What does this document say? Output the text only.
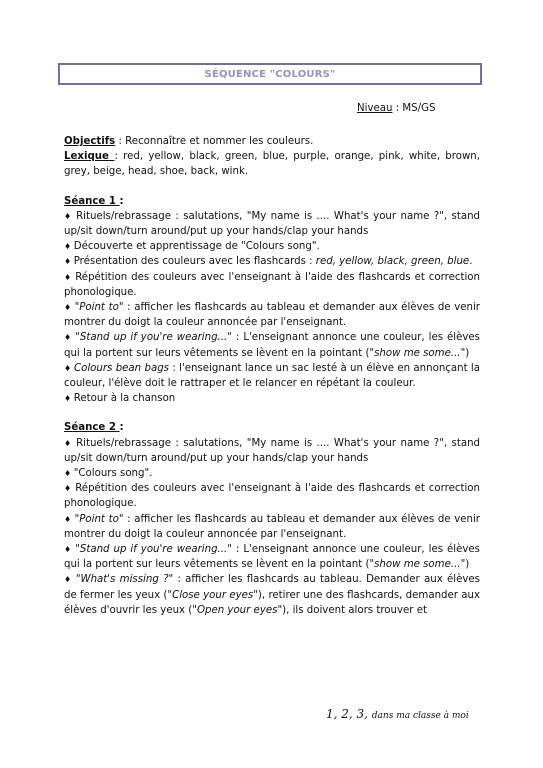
SÉQUENCE "COLOURS"
Niveau : MS/GS

Objectifs : Reconnaître et nommer les couleurs.

Lexique : red, yellow, black, green, blue, purple, orange, pink, white, brown, grey, beige, head, shoe, back, wink.

Séance 1 :

♦ Rituels/rebrassage : salutations, "My name is .... What's your name ?", stand up/sit down/turn around/put up your hands/clap your hands

♦ Découverte et apprentissage de "Colours song".

♦ Présentation des couleurs avec les flashcards : red, yellow, black, green, blue.

♦ Répétition des couleurs avec l'enseignant à l'aide des flashcards et correction phonologique.

♦ "Point to" : afficher les flashcards au tableau et demander aux élèves de venir montrer du doigt la couleur annoncée par l'enseignant.

♦ "Stand up if you're wearing..." : L'enseignant annonce une couleur, les élèves qui la portent sur leurs vêtements se lèvent en la pointant ("show me some...")

♦ Colours bean bags : l'enseignant lance un sac lesté à un élève en annonçant la couleur, l'élève doit le rattraper et le relancer en répétant la couleur.

♦ Retour à la chanson

Séance 2 :

♦ Rituels/rebrassage : salutations, "My name is .... What's your name ?", stand up/sit down/turn around/put up your hands/clap your hands

♦ "Colours song".

♦ Répétition des couleurs avec l'enseignant à l'aide des flashcards et correction phonologique.

♦ "Point to" : afficher les flashcards au tableau et demander aux élèves de venir montrer du doigt la couleur annoncée par l'enseignant.

♦ "Stand up if you're wearing..." : L'enseignant annonce une couleur, les élèves qui la portent sur leurs vêtements se lèvent en la pointant ("show me some...")

♦ "What's missing ?" : afficher les flashcards au tableau. Demander aux élèves de fermer les yeux ("Close your eyes"), retirer une des flashcards, demander aux élèves d'ouvrir les yeux ("Open your eyes"), ils doivent alors trouver et

1, 2, 3, dans ma classe à moi
